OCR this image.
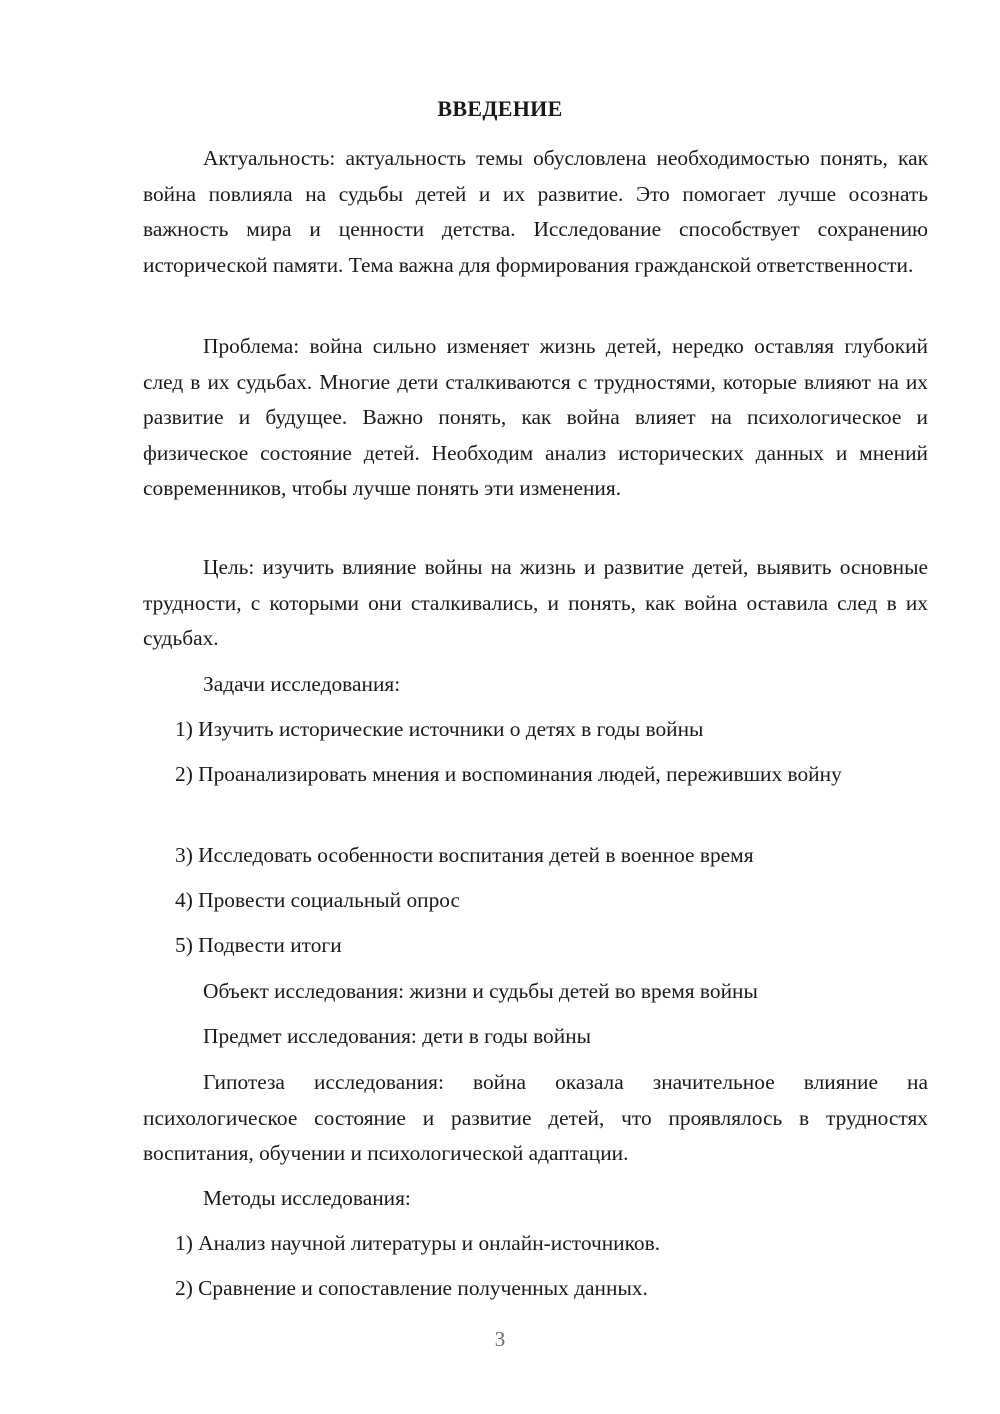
ВВЕДЕНИЕ
Актуальность: актуальность темы обусловлена необходимостью понять, как война повлияла на судьбы детей и их развитие. Это помогает лучше осознать важность мира и ценности детства. Исследование способствует сохранению исторической памяти. Тема важна для формирования гражданской ответственности.
Проблема: война сильно изменяет жизнь детей, нередко оставляя глубокий след в их судьбах. Многие дети сталкиваются с трудностями, которые влияют на их развитие и будущее. Важно понять, как война влияет на психологическое и физическое состояние детей. Необходим анализ исторических данных и мнений современников, чтобы лучше понять эти изменения.
Цель: изучить влияние войны на жизнь и развитие детей, выявить основные трудности, с которыми они сталкивались, и понять, как война оставила след в их судьбах.
Задачи исследования:
1) Изучить исторические источники о детях в годы войны
2) Проанализировать мнения и воспоминания людей, переживших войну
3) Исследовать особенности воспитания детей в военное время
4) Провести социальный опрос
5) Подвести итоги
Объект исследования: жизни и судьбы детей во время войны
Предмет исследования: дети в годы войны
Гипотеза исследования: война оказала значительное влияние на психологическое состояние и развитие детей, что проявлялось в трудностях воспитания, обучении и психологической адаптации.
Методы исследования:
1) Анализ научной литературы и онлайн-источников.
2) Сравнение и сопоставление полученных данных.
3
